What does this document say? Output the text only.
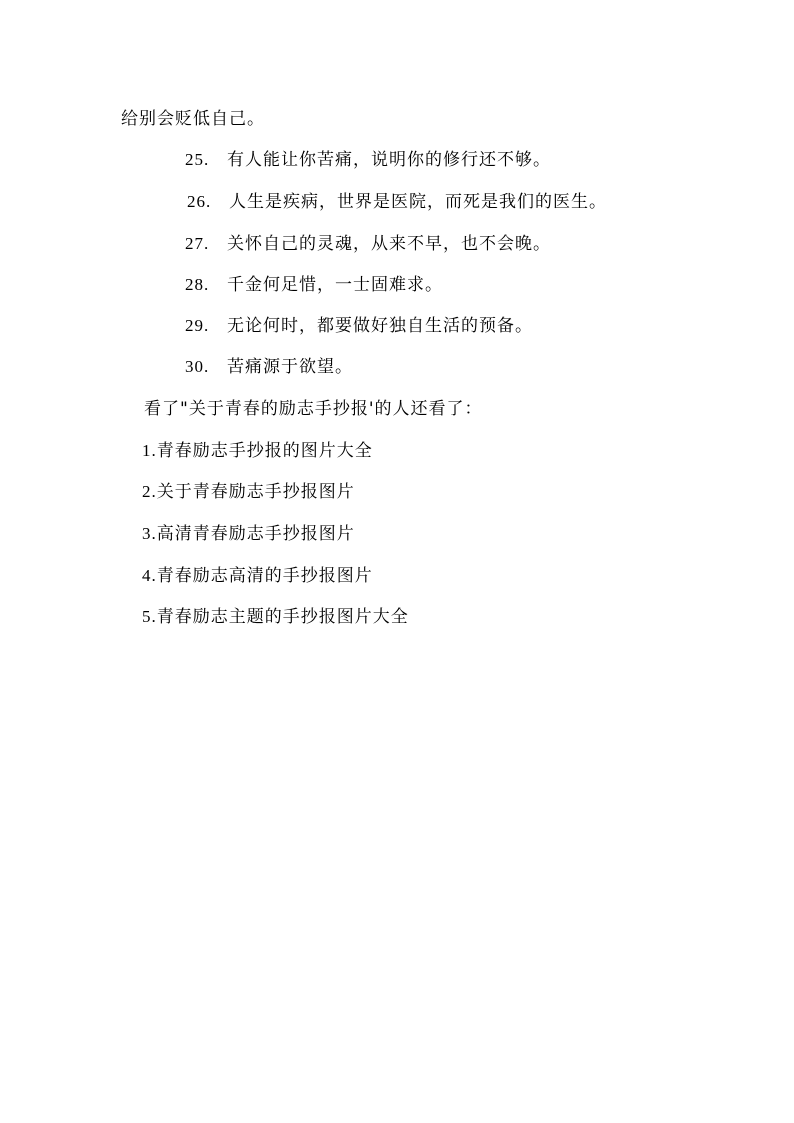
给别会贬低自己。
25. 有人能让你苦痛，说明你的修行还不够。
26. 人生是疾病，世界是医院，而死是我们的医生。
27. 关怀自己的灵魂，从来不早，也不会晚。
28. 千金何足惜，一士固难求。
29. 无论何时，都要做好独自生活的预备。
30. 苦痛源于欲望。
看了"关于青春的励志手抄报'的人还看了：
1.青春励志手抄报的图片大全
2.关于青春励志手抄报图片
3.高清青春励志手抄报图片
4.青春励志高清的手抄报图片
5.青春励志主题的手抄报图片大全
